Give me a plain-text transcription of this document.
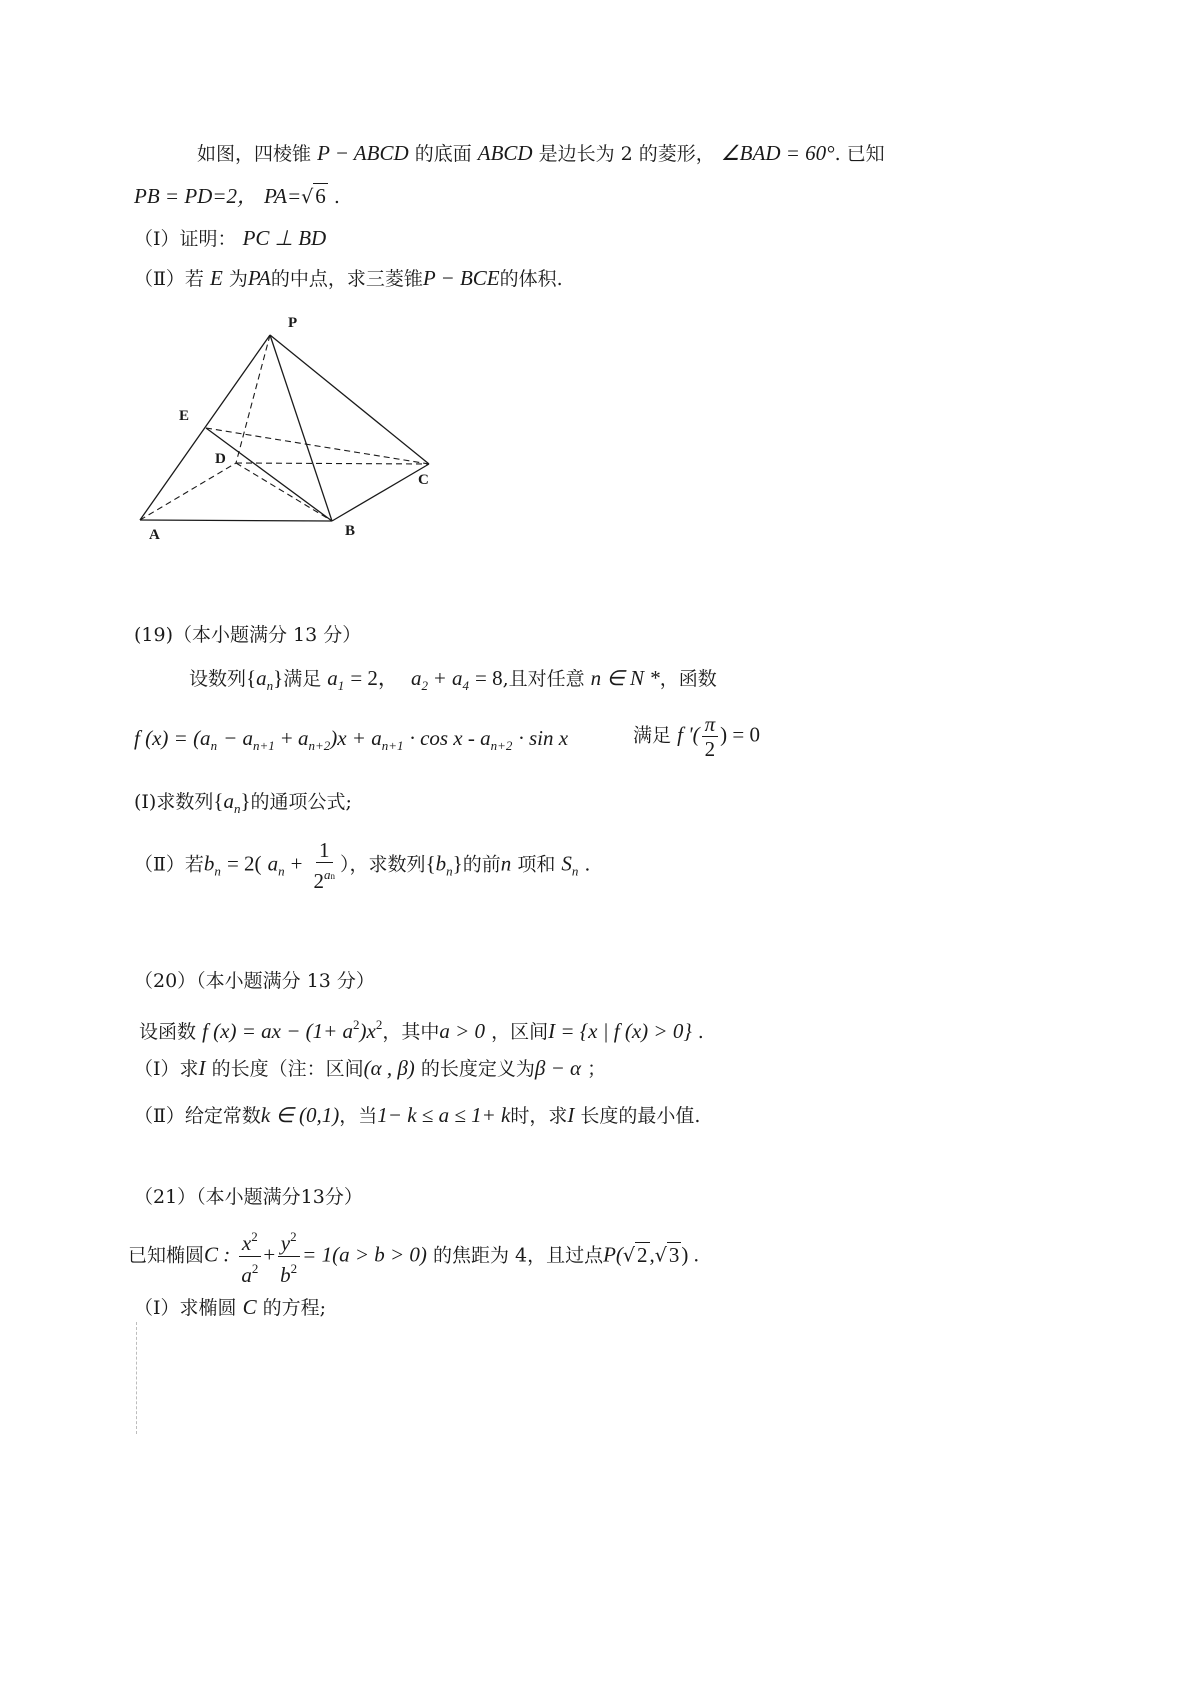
如图，四棱锥 P − ABCD 的底面 ABCD 是边长为 2 的菱形， ∠BAD = 60°. 已知
PB = PD=2， PA=√6 .
（Ⅰ）证明： PC ⊥ BD
（Ⅱ）若 E 为PA的中点，求三菱锥P − BCE的体积.
P
E
D
C
A	B
(19)（本小题满分 13 分）
设数列$\{a_n\}$满足 $a_1 = 2$， $a_2 + a_4 = 8$,且对任意 n ∈ N *，函数
f $(x) = (a_n - a_{n+1} + a_{n+2})x + a_{n+1} \cdot \cos x - a_{n+2} \cdot \sin x$	满足 f '( $\frac{\pi}{2}$ ) = 0
(Ⅰ)求数列$\{a_n\}$的通项公式;
（Ⅱ）若$b_n = 2$( $a_n + \frac{1}{2^{an}}$ ），求数列$\{b_n\}$的前n 项和 $S_n$ .
（20）（本小题满分 13 分）
设函数 f (x) = ax − $(1+ a^2)x^2$，其中a > 0 ，区间I = {x | f (x) > 0} .
（Ⅰ）求I 的长度（注：区间(α , β) 的长度定义为β − α ；
（Ⅱ）给定常数k ∈ (0,1)，当1− k ≤ a ≤ 1+ k时，求I 长度的最小值.
（21）（本小题满分13分）
已知椭圆C : $\frac{x^2}{a^2} + \frac{y^2}{b^2} = 1(a > b > 0)$ 的焦距为 4，且过点P(√2,√3) .
（Ⅰ）求椭圆 C 的方程;
